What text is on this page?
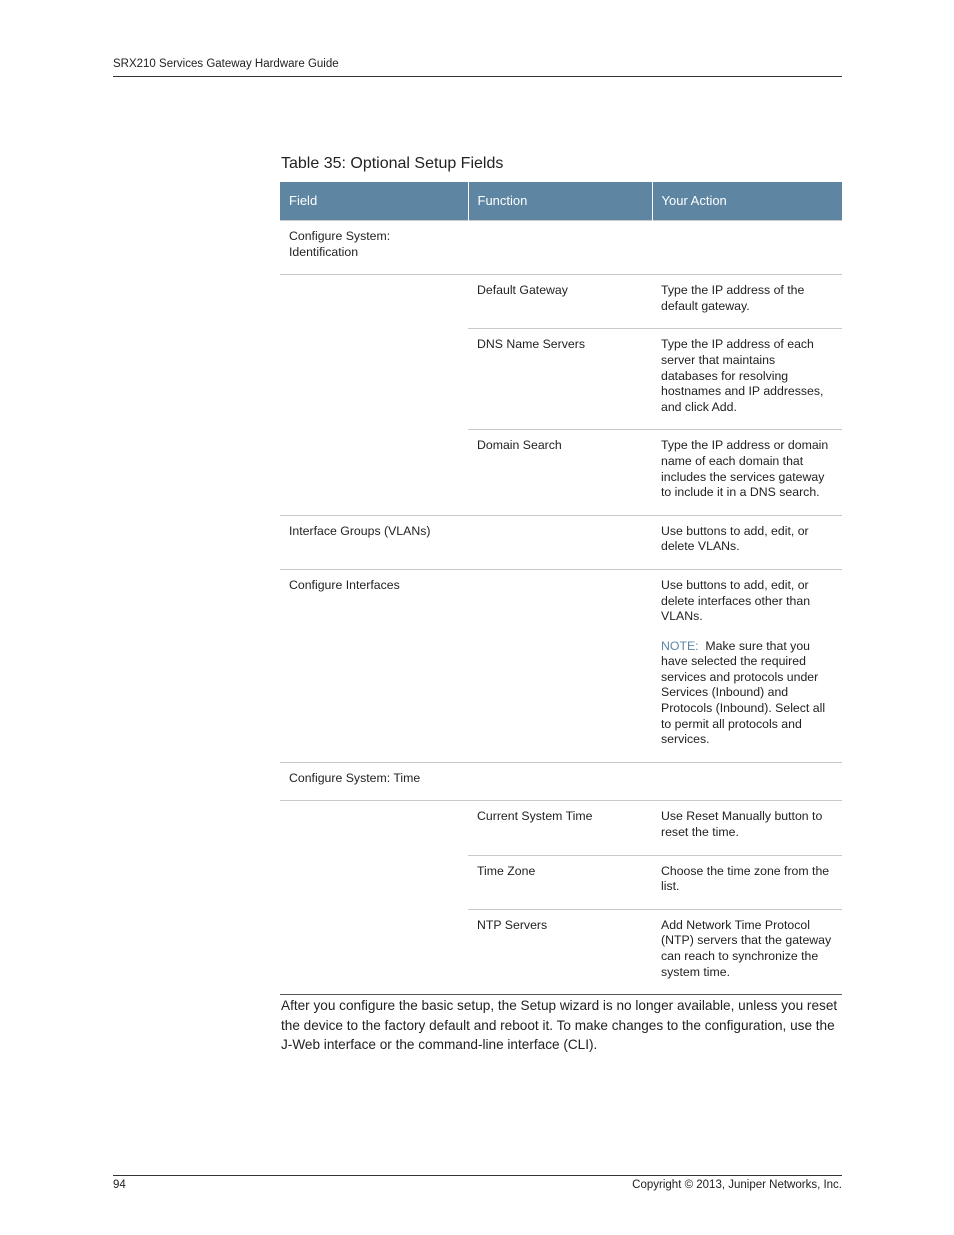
SRX210 Services Gateway Hardware Guide
Table 35: Optional Setup Fields
Field	Function	Your Action
Configure System: Identification		
	Default Gateway	Type the IP address of the default gateway.
	DNS Name Servers	Type the IP address of each server that maintains databases for resolving hostnames and IP addresses, and click Add.
	Domain Search	Type the IP address or domain name of each domain that includes the services gateway to include it in a DNS search.
Interface Groups (VLANs)		Use buttons to add, edit, or delete VLANs.
Configure Interfaces		Use buttons to add, edit, or delete interfaces other than VLANs.
NOTE: Make sure that you have selected the required services and protocols under Services (Inbound) and Protocols (Inbound). Select all to permit all protocols and services.

Configure System: Time		
	Current System Time	Use Reset Manually button to reset the time.
	Time Zone	Choose the time zone from the list.
	NTP Servers	Add Network Time Protocol (NTP) servers that the gateway can reach to synchronize the system time.

After you configure the basic setup, the Setup wizard is no longer available, unless you reset the device to the factory default and reboot it. To make changes to the configuration, use the J-Web interface or the command-line interface (CLI).

94	Copyright © 2013, Juniper Networks, Inc.
